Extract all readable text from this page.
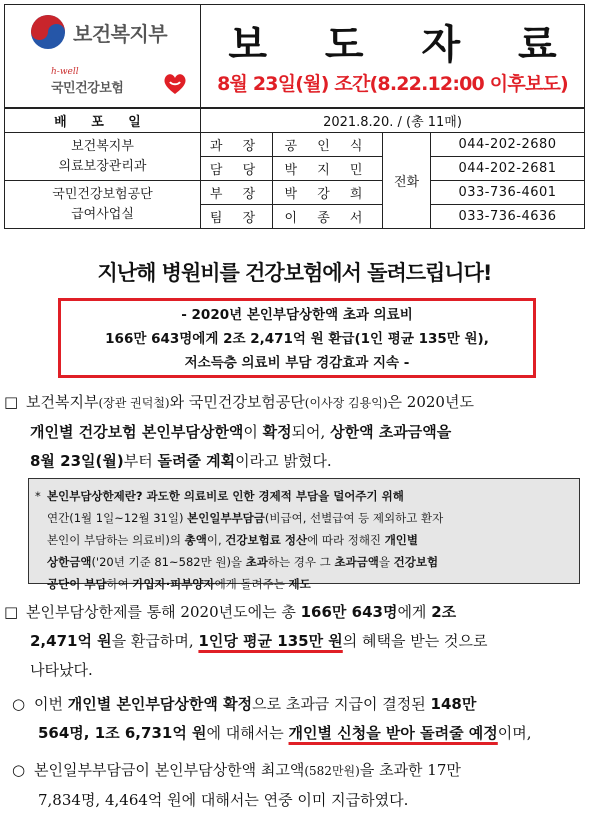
보건복지부
h-well
국민건강보험
보 도 자 료
8월 23일(월) 조간(8.22.12:00 이후보도)
배 포 일	2021.8.20. / (총 11매)			

보건복지부
의료보장관리과	과 장	공 인 식	전화	044-202-2680
	담 당	박 지 민		044-202-2681

국민건강보험공단
급여사업실	부 장	박 강 희		033-736-4601
	팀 장	이 종 서		033-736-4636
지난해 병원비를 건강보험에서 돌려드립니다!
- 2020년 본인부담상한액 초과 의료비
166만 643명에게 2조 2,471억 원 환급(1인 평균 135만 원),
저소득층 의료비 부담 경감효과 지속 -
□ 보건복지부(장관 권덕철)와 국민건강보험공단(이사장 김용익)은 2020년도
개인별 건강보험 본인부담상한액이 확정되어, 상한액 초과금액을
8월 23일(월)부터 돌려줄 계획이라고 밝혔다.
* 본인부담상한제란? 과도한 의료비로 인한 경제적 부담을 덜어주기 위해
연간(1월 1일~12월 31일) 본인일부부담금(비급여, 선별급여 등 제외하고 환자
본인이 부담하는 의료비)의 총액이, 건강보험료 정산에 따라 정해진 개인별
상한금액('20년 기준 81~582만 원)을 초과하는 경우 그 초과금액을 건강보험
공단이 부담하여 가입자·피부양자에게 돌려주는 제도
□ 본인부담상한제를 통해 2020년도에는 총 166만 643명에게 2조
2,471억 원을 환급하며, 1인당 평균 135만 원의 혜택을 받는 것으로
나타났다.
○ 이번 개인별 본인부담상한액 확정으로 초과금 지급이 결정된 148만
564명, 1조 6,731억 원에 대해서는 개인별 신청을 받아 돌려줄 예정이며,
○ 본인일부부담금이 본인부담상한액 최고액(582만원)을 초과한 17만
7,834명, 4,464억 원에 대해서는 연중 이미 지급하였다.
